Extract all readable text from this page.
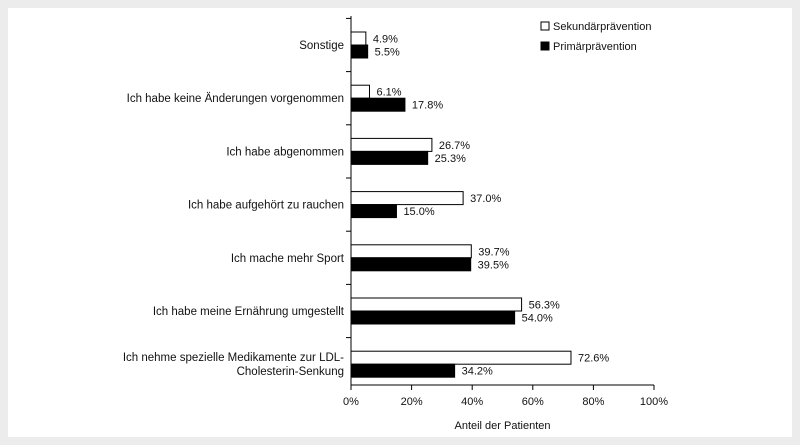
0%	20%	40%	60%	80%	100%
Anteil der Patienten
Sonstige
4.9%
5.5%
Ich habe keine Änderungen vorgenommen
6.1%
17.8%
Ich habe abgenommen
26.7%
25.3%
Ich habe aufgehört zu rauchen
37.0%
15.0%
Ich mache mehr Sport
39.7%
39.5%
Ich habe meine Ernährung umgestellt
56.3%
54.0%
Ich nehme spezielle Medikamente zur LDL-
Cholesterin-Senkung
72.6%
34.2%
Sekundärprävention
Primärprävention
